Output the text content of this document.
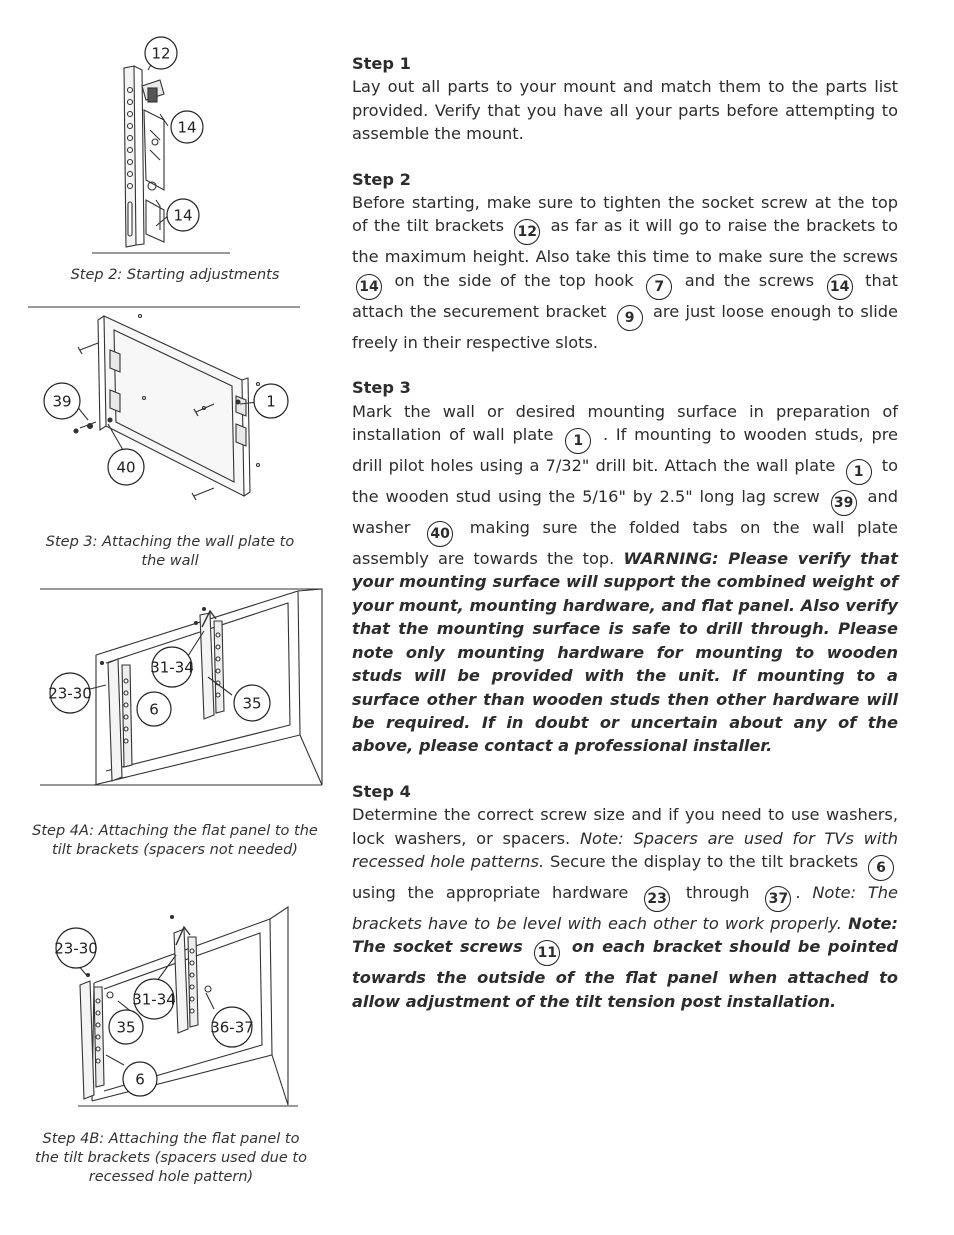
12
14
14
Step 2: Starting adjustments
39	1
40
Step 3: Attaching the wall plate to the wall
23-30
31-34
6	35
Step 4A: Attaching the flat panel to the tilt brackets (spacers not needed)
23-30
31-34
35	36-37
6
Step 4B: Attaching the flat panel to the tilt brackets (spacers used due to recessed hole pattern)

Step 1

Lay out all parts to your mount and match them to the parts list provided. Verify that you have all your parts before attempting to assemble the mount.

Step 2

Before starting, make sure to tighten the socket screw at the top of the tilt brackets 12 as far as it will go to raise the brackets to the maximum height. Also take this time to make sure the screws 14 on the side of the top hook 7 and the screws 14 that attach the securement bracket 9 are just loose enough to slide freely in their respective slots.

Step 3

Mark the wall or desired mounting surface in preparation of installation of wall plate 1 . If mounting to wooden studs, pre drill pilot holes using a 7/32" drill bit. Attach the wall plate 1 to the wooden stud using the 5/16" by 2.5" long lag screw 39 and washer 40 making sure the folded tabs on the wall plate assembly are towards the top. WARNING: Please verify that your mounting surface will support the combined weight of your mount, mounting hardware, and flat panel. Also verify that the mounting surface is safe to drill through. Please note only mounting hardware for mounting to wooden studs will be provided with the unit. If mounting to a surface other than wooden studs then other hardware will be required. If in doubt or uncertain about any of the above, please contact a professional installer.

Step 4

Determine the correct screw size and if you need to use washers, lock washers, or spacers. Note: Spacers are used for TVs with recessed hole patterns. Secure the display to the tilt brackets 6 using the appropriate hardware 23 through 37 . Note: The brackets have to be level with each other to work properly. Note: The socket screws 11 on each bracket should be pointed towards the outside of the flat panel when attached to allow adjustment of the tilt tension post installation.
